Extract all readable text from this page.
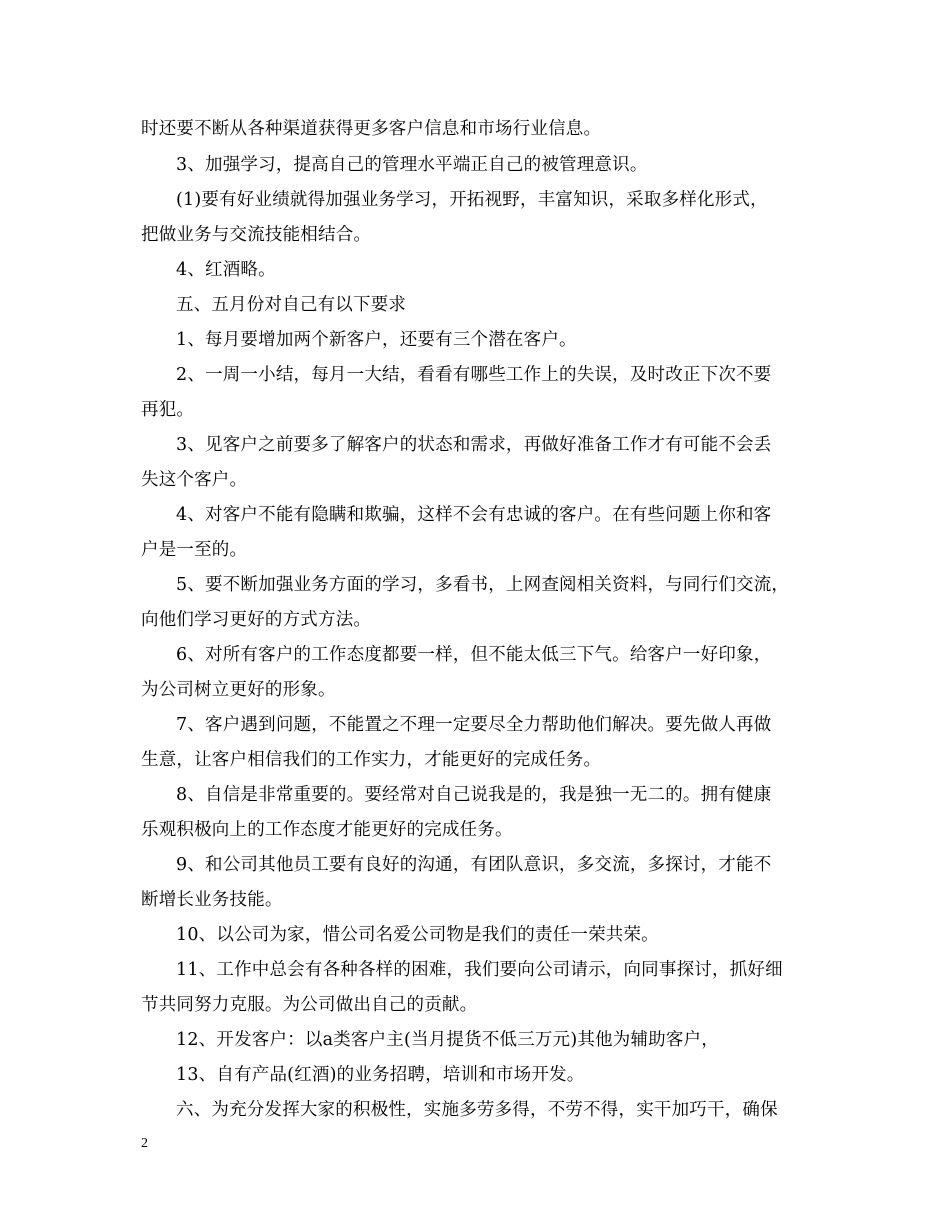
时还要不断从各种渠道获得更多客户信息和市场行业信息。
3、加强学习，提高自己的管理水平端正自己的被管理意识。
(1)要有好业绩就得加强业务学习，开拓视野，丰富知识，采取多样化形式，
把做业务与交流技能相结合。
4、红酒略。
五、五月份对自己有以下要求
1、每月要增加两个新客户，还要有三个潜在客户。
2、一周一小结，每月一大结，看看有哪些工作上的失误，及时改正下次不要
再犯。
3、见客户之前要多了解客户的状态和需求，再做好准备工作才有可能不会丢
失这个客户。
4、对客户不能有隐瞒和欺骗，这样不会有忠诚的客户。在有些问题上你和客
户是一至的。
5、要不断加强业务方面的学习，多看书，上网查阅相关资料，与同行们交流，
向他们学习更好的方式方法。
6、对所有客户的工作态度都要一样，但不能太低三下气。给客户一好印象，
为公司树立更好的形象。
7、客户遇到问题，不能置之不理一定要尽全力帮助他们解决。要先做人再做
生意，让客户相信我们的工作实力，才能更好的完成任务。
8、自信是非常重要的。要经常对自己说我是的，我是独一无二的。拥有健康
乐观积极向上的工作态度才能更好的完成任务。
9、和公司其他员工要有良好的沟通，有团队意识，多交流，多探讨，才能不
断增长业务技能。
10、以公司为家，惜公司名爱公司物是我们的责任一荣共荣。
11、工作中总会有各种各样的困难，我们要向公司请示，向同事探讨，抓好细
节共同努力克服。为公司做出自己的贡献。
12、开发客户：以a类客户主(当月提货不低三万元)其他为辅助客户，
13、自有产品(红酒)的业务招聘，培训和市场开发。
六、为充分发挥大家的积极性，实施多劳多得，不劳不得，实干加巧干，确保
2
